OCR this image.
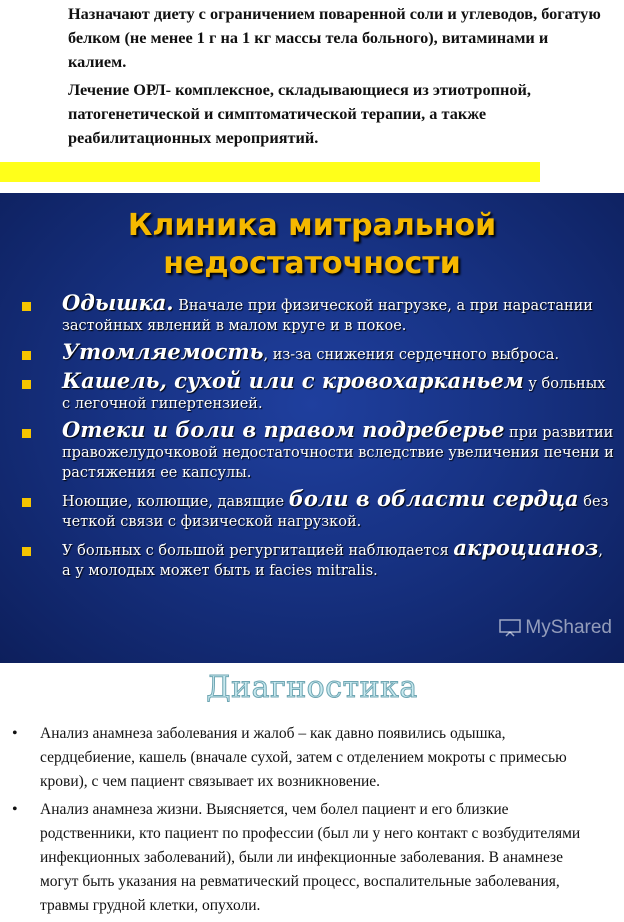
Назначают диету с ограничением поваренной соли и углеводов, богатую белком (не менее 1 г на 1 кг массы тела больного), витаминами и калием.

Лечение ОРЛ- комплексное, складывающиеся из этиотропной, патогенетической и симптоматической терапии, а также реабилитационных мероприятий.

Клиника митральной
недостаточности
Одышка. Вначале при физической нагрузке, а при нарастании застойных явлений в малом круге и в покое.
Утомляемость, из-за снижения сердечного выброса.
Кашель, сухой или с кровохарканьем у больных с легочной гипертензией.
Отеки и боли в правом подреберье при развитии правожелудочковой недостаточности вследствие увеличения печени и растяжения ее капсулы.
Ноющие, колющие, давящие боли в области сердца без четкой связи с физической нагрузкой.
У больных с большой регургитацией наблюдается акроцианоз, а у молодых может быть и facies mitralis.
MyShared
Диагностика
• Анализ анамнеза заболевания и жалоб – как давно появились одышка, сердцебиение, кашель (вначале сухой, затем с отделением мокроты с примесью крови), с чем пациент связывает их возникновение.
• Анализ анамнеза жизни. Выясняется, чем болел пациент и его близкие родственники, кто пациент по профессии (был ли у него контакт с возбудителями инфекционных заболеваний), были ли инфекционные заболевания. В анамнезе могут быть указания на ревматический процесс, воспалительные заболевания, травмы грудной клетки, опухоли.
